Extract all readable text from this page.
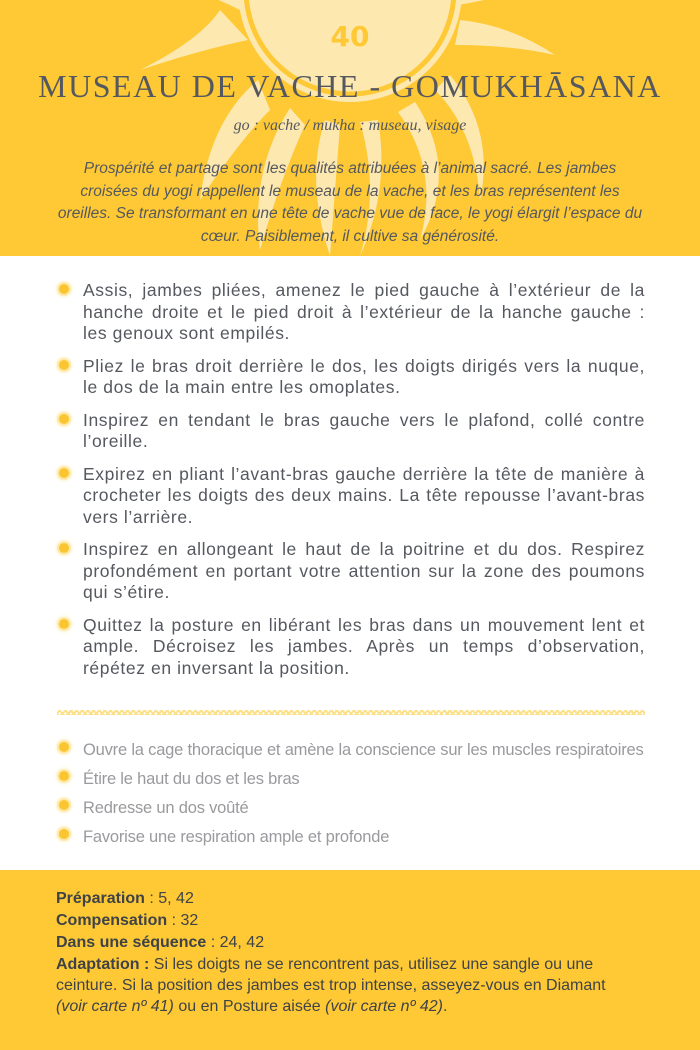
40
MUSEAU DE VACHE - GOMUKHĀSANA
go : vache / mukha : museau, visage
Prospérité et partage sont les qualités attribuées à l’animal sacré. Les jambes croisées du yogi rappellent le museau de la vache, et les bras représentent les oreilles. Se transformant en une tête de vache vue de face, le yogi élargit l’espace du cœur. Paisiblement, il cultive sa générosité.
Assis, jambes pliées, amenez le pied gauche à l’extérieur de la hanche droite et le pied droit à l’extérieur de la hanche gauche : les genoux sont empilés.
Pliez le bras droit derrière le dos, les doigts dirigés vers la nuque, le dos de la main entre les omoplates.
Inspirez en tendant le bras gauche vers le plafond, collé contre l’oreille.
Expirez en pliant l’avant-bras gauche derrière la tête de manière à crocheter les doigts des deux mains. La tête repousse l’avant-bras vers l’arrière.
Inspirez en allongeant le haut de la poitrine et du dos. Respirez profondément en portant votre attention sur la zone des poumons qui s’étire.
Quittez la posture en libérant les bras dans un mouvement lent et ample. Décroisez les jambes. Après un temps d’observation, répétez en inversant la position.
Ouvre la cage thoracique et amène la conscience sur les muscles respiratoires
Étire le haut du dos et les bras
Redresse un dos voûté
Favorise une respiration ample et profonde

Préparation : 5, 42

Compensation : 32

Dans une séquence : 24, 42

Adaptation : Si les doigts ne se rencontrent pas, utilisez une sangle ou une ceinture. Si la position des jambes est trop intense, asseyez-vous en Diamant (voir carte nº 41) ou en Posture aisée (voir carte nº 42).
